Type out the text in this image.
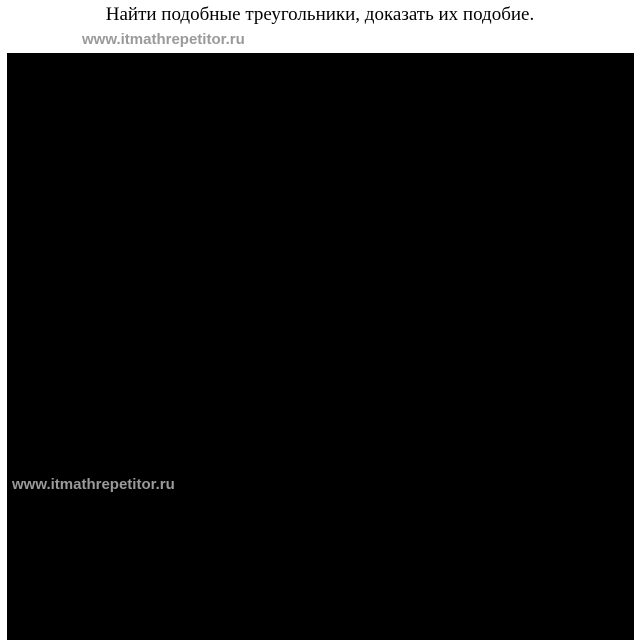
Найти подобные треугольники, доказать их подобие.
www.itmathrepetitor.ru
1
B
A	C
8	10
35°
P
M	K
4	5
35°
2
B
A	C
25°
N
F	E
25°
3 P
M	E
32	40
24
D
F	N
4	5
3
4
B
C
A	D
8
12
18
12
27
5
B
A	D	C
12
7	9
6
B
C
A	D
4
8	12
7
B
A	D	C
16	18
12
24
8
A
D	B
C
20	36
18
9	10
9	B
K
P
A	C
Дано:
AB · BK = CB · BP.
www.itmathrepetitor.ru
